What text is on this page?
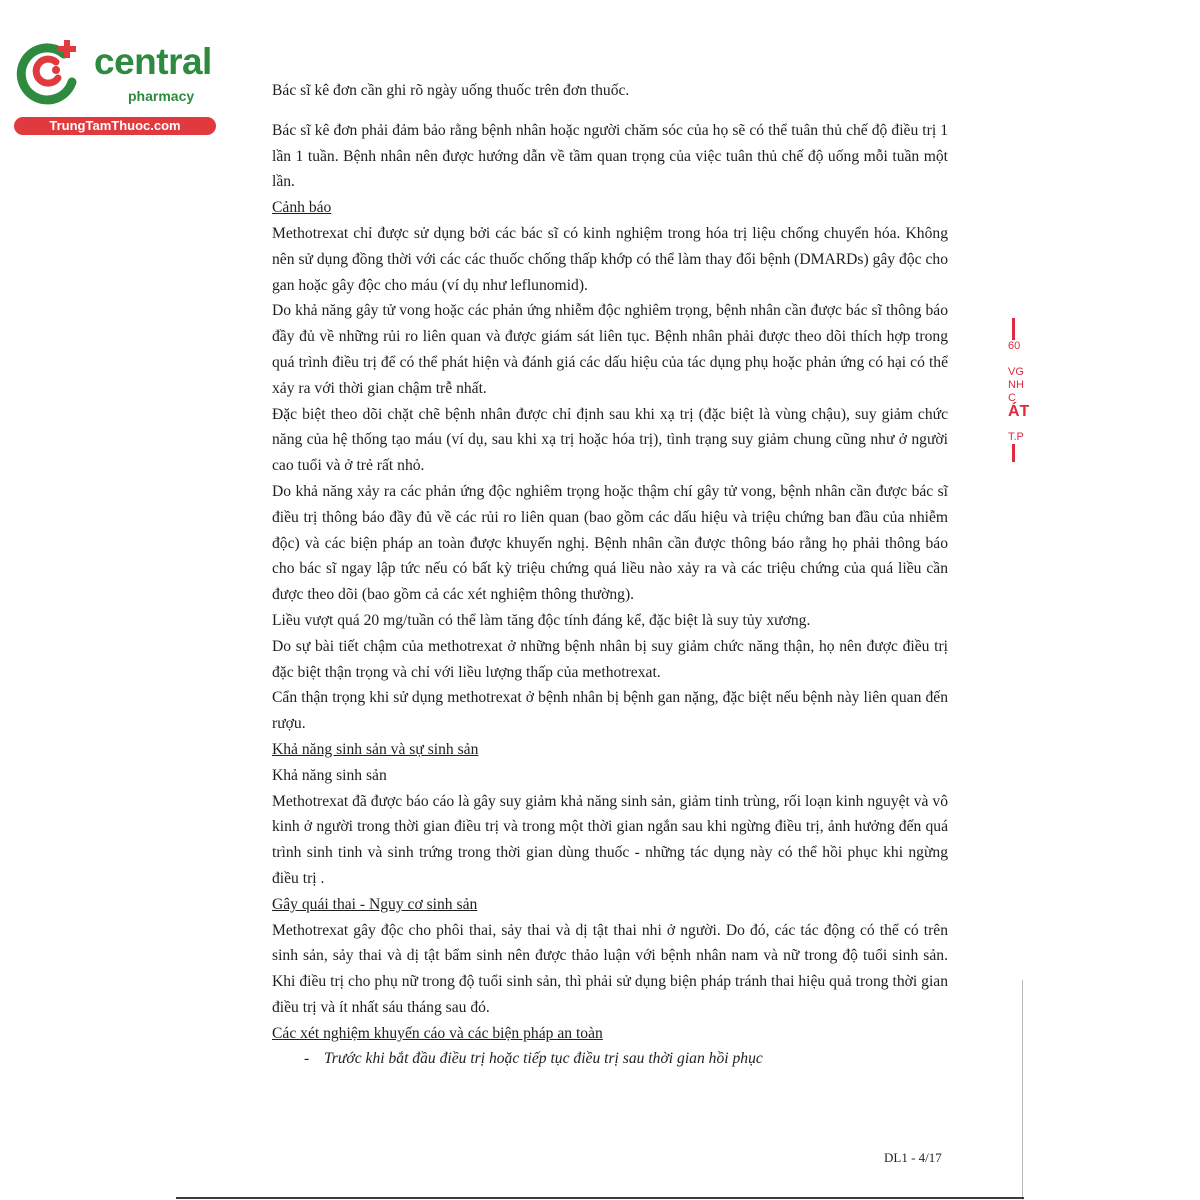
central
pharmacy
TrungTamThuoc.com

Bác sĩ kê đơn cần ghi rõ ngày uống thuốc trên đơn thuốc.

Bác sĩ kê đơn phải đảm bảo rằng bệnh nhân hoặc người chăm sóc của họ sẽ có thể tuân thủ chế độ điều trị 1 lần 1 tuần. Bệnh nhân nên được hướng dẫn về tầm quan trọng của việc tuân thủ chế độ uống mỗi tuần một lần.

Cảnh báo

Methotrexat chỉ được sử dụng bởi các bác sĩ có kinh nghiệm trong hóa trị liệu chống chuyển hóa. Không nên sử dụng đồng thời với các các thuốc chống thấp khớp có thể làm thay đổi bệnh (DMARDs) gây độc cho gan hoặc gây độc cho máu (ví dụ như leflunomid).

Do khả năng gây tử vong hoặc các phản ứng nhiễm độc nghiêm trọng, bệnh nhân cần được bác sĩ thông báo đầy đủ về những rủi ro liên quan và được giám sát liên tục. Bệnh nhân phải được theo dõi thích hợp trong quá trình điều trị để có thể phát hiện và đánh giá các dấu hiệu của tác dụng phụ hoặc phản ứng có hại có thể xảy ra với thời gian chậm trễ nhất.

Đặc biệt theo dõi chặt chẽ bệnh nhân được chỉ định sau khi xạ trị (đặc biệt là vùng chậu), suy giảm chức năng của hệ thống tạo máu (ví dụ, sau khi xạ trị hoặc hóa trị), tình trạng suy giảm chung cũng như ở người cao tuổi và ở trẻ rất nhỏ.

Do khả năng xảy ra các phản ứng độc nghiêm trọng hoặc thậm chí gây tử vong, bệnh nhân cần được bác sĩ điều trị thông báo đầy đủ về các rủi ro liên quan (bao gồm các dấu hiệu và triệu chứng ban đầu của nhiễm độc) và các biện pháp an toàn được khuyến nghị. Bệnh nhân cần được thông báo rằng họ phải thông báo cho bác sĩ ngay lập tức nếu có bất kỳ triệu chứng quá liều nào xảy ra và các triệu chứng của quá liều cần được theo dõi (bao gồm cả các xét nghiệm thông thường).

Liều vượt quá 20 mg/tuần có thể làm tăng độc tính đáng kể, đặc biệt là suy tủy xương.

Do sự bài tiết chậm của methotrexat ở những bệnh nhân bị suy giảm chức năng thận, họ nên được điều trị đặc biệt thận trọng và chỉ với liều lượng thấp của methotrexat.

Cẩn thận trọng khi sử dụng methotrexat ở bệnh nhân bị bệnh gan nặng, đặc biệt nếu bệnh này liên quan đến rượu.

Khả năng sinh sản và sự sinh sản

Khả năng sinh sản

Methotrexat đã được báo cáo là gây suy giảm khả năng sinh sản, giảm tinh trùng, rối loạn kinh nguyệt và vô kinh ở người trong thời gian điều trị và trong một thời gian ngắn sau khi ngừng điều trị, ảnh hưởng đến quá trình sinh tinh và sinh trứng trong thời gian dùng thuốc - những tác dụng này có thể hồi phục khi ngừng điều trị .

Gây quái thai - Nguy cơ sinh sản

Methotrexat gây độc cho phôi thai, sảy thai và dị tật thai nhi ở người. Do đó, các tác động có thể có trên sinh sản, sảy thai và dị tật bẩm sinh nên được thảo luận với bệnh nhân nam và nữ trong độ tuổi sinh sản. Khi điều trị cho phụ nữ trong độ tuổi sinh sản, thì phải sử dụng biện pháp tránh thai hiệu quả trong thời gian điều trị và ít nhất sáu tháng sau đó.

Các xét nghiệm khuyến cáo và các biện pháp an toàn

- Trước khi bắt đầu điều trị hoặc tiếp tục điều trị sau thời gian hồi phục

60

VG
NH
C
ÁT

T.P
DL1 - 4/17
